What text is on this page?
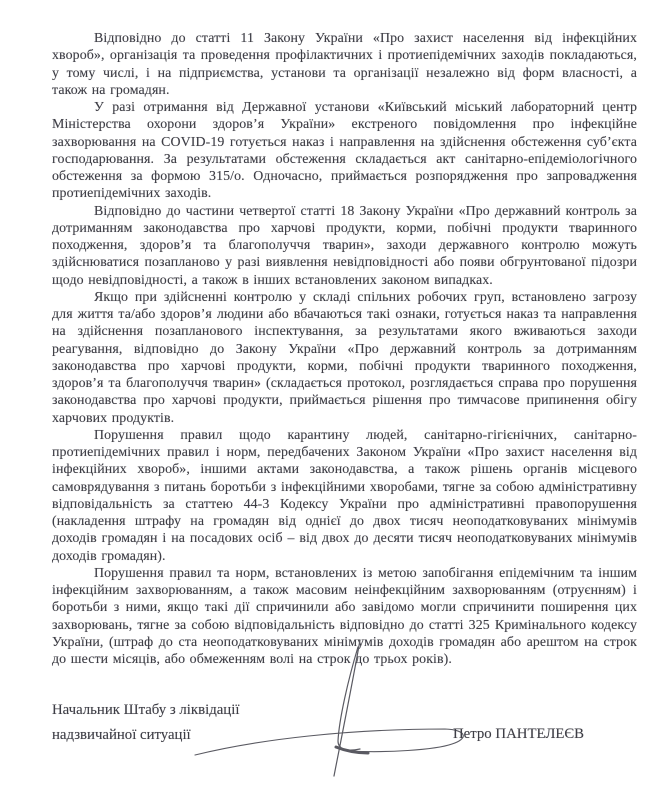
Відповідно до статті 11 Закону України «Про захист населення від інфекційних хвороб», організація та проведення профілактичних і протиепідемічних заходів покладаються, у тому числі, і на підприємства, установи та організації незалежно від форм власності, а також на громадян.

У разі отримання від Державної установи «Київський міський лабораторний центр Міністерства охорони здоров’я України» екстреного повідомлення про інфекційне захворювання на COVID-19 готується наказ і направлення на здійснення обстеження суб’єкта господарювання. За результатами обстеження складається акт санітарно-епідеміологічного обстеження за формою 315/о. Одночасно, приймається розпорядження про запровадження протиепідемічних заходів.

Відповідно до частини четвертої статті 18 Закону України «Про державний контроль за дотриманням законодавства про харчові продукти, корми, побічні продукти тваринного походження, здоров’я та благополуччя тварин», заходи державного контролю можуть здійснюватися позапланово у разі виявлення невідповідності або появи обгрунтованої підозри щодо невідповідності, а також в інших встановлених законом випадках.

Якщо при здійсненні контролю у складі спільних робочих груп, встановлено загрозу для життя та/або здоров’я людини або вбачаються такі ознаки, готується наказ та направлення на здійснення позапланового інспектування, за результатами якого вживаються заходи реагування, відповідно до Закону України «Про державний контроль за дотриманням законодавства про харчові продукти, корми, побічні продукти тваринного походження, здоров’я та благополуччя тварин» (складається протокол, розглядається справа про порушення законодавства про харчові продукти, приймається рішення про тимчасове припинення обігу харчових продуктів.

Порушення правил щодо карантину людей, санітарно-гігієнічних, санітарно-протиепідемічних правил і норм, передбачених Законом України «Про захист населення від інфекційних хвороб», іншими актами законодавства, а також рішень органів місцевого самоврядування з питань боротьби з інфекційними хворобами, тягне за собою адміністративну відповідальність за статтею 44-3 Кодексу України про адміністративні правопорушення (накладення штрафу на громадян від однієї до двох тисяч неоподатковуваних мінімумів доходів громадян і на посадових осіб – від двох до десяти тисяч неоподатковуваних мінімумів доходів громадян).

Порушення правил та норм, встановлених із метою запобігання епідемічним та іншим інфекційним захворюванням, а також масовим неінфекційним захворюванням (отруєнням) і боротьби з ними, якщо такі дії спричинили або завідомо могли спричинити поширення цих захворювань, тягне за собою відповідальність відповідно до статті 325 Кримінального кодексу України, (штраф до ста неоподатковуваних мінімумів доходів громадян або арештом на строк до шести місяців, або обмеженням волі на строк до трьох років).

Начальник Штабу з ліквідації
надзвичайної ситуації	Петро ПАНТЕЛЕЄВ
